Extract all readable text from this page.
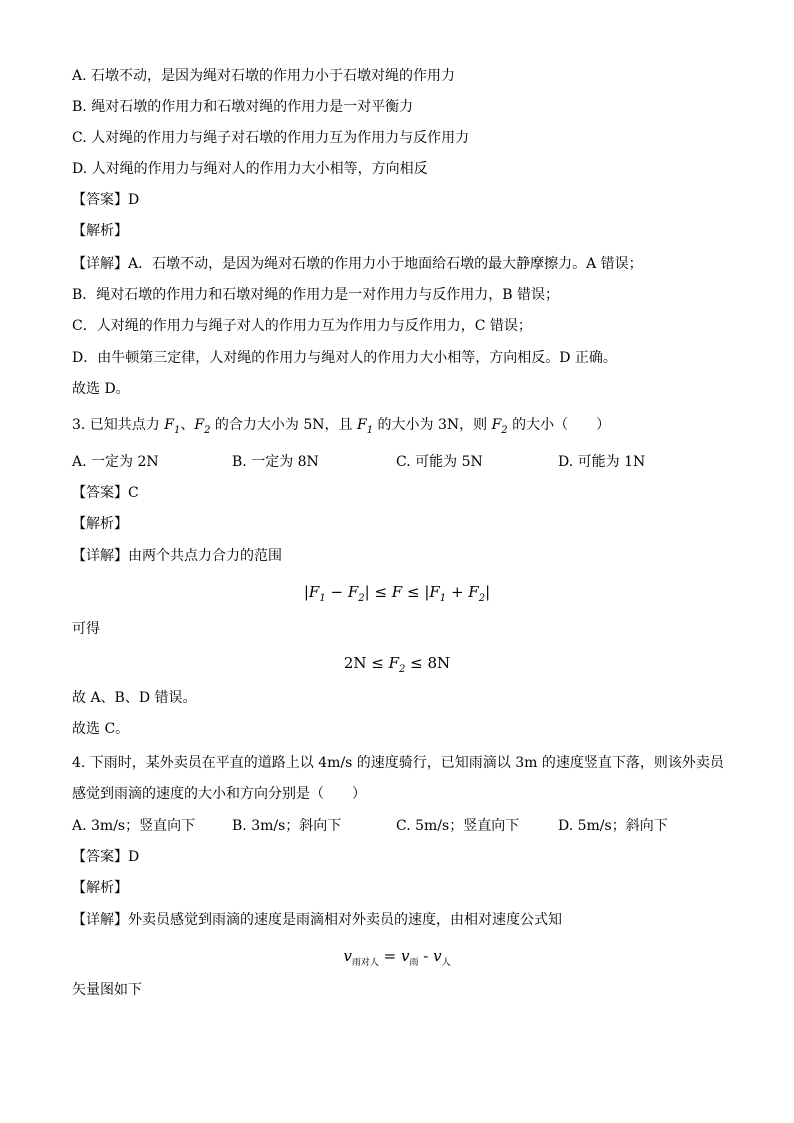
A. 石墩不动，是因为绳对石墩的作用力小于石墩对绳的作用力
B. 绳对石墩的作用力和石墩对绳的作用力是一对平衡力
C. 人对绳的作用力与绳子对石墩的作用力互为作用力与反作用力
D. 人对绳的作用力与绳对人的作用力大小相等，方向相反
【答案】D
【解析】
【详解】A．石墩不动，是因为绳对石墩的作用力小于地面给石墩的最大静摩擦力。A 错误；
B．绳对石墩的作用力和石墩对绳的作用力是一对作用力与反作用力，B 错误；
C．人对绳的作用力与绳子对人的作用力互为作用力与反作用力，C 错误；
D．由牛顿第三定律，人对绳的作用力与绳对人的作用力大小相等，方向相反。D 正确。
故选 D。
3. 已知共点力 $F_1$、$F_2$ 的合力大小为 5N，且 $F_1$ 的大小为 3N，则 $F_2$ 的大小（　　）
A. 一定为 2N	B. 一定为 8N	C. 可能为 5N	D. 可能为 1N
【答案】C
【解析】
【详解】由两个共点力合力的范围
$|F_1 - F_2| \le F \le |F_1 + F_2|$
可得
$2N \le F_2 \le 8N$
故 A、B、D 错误。
故选 C。
4. 下雨时，某外卖员在平直的道路上以 4m/s 的速度骑行，已知雨滴以 3m 的速度竖直下落，则该外卖员
感觉到雨滴的速度的大小和方向分别是（　　）
A. 3m/s；竖直向下	B. 3m/s；斜向下	C. 5m/s；竖直向下	D. 5m/s；斜向下
【答案】D
【解析】
【详解】外卖员感觉到雨滴的速度是雨滴相对外卖员的速度，由相对速度公式知
$v_{雨对人} = v_雨 - v_人$
矢量图如下
